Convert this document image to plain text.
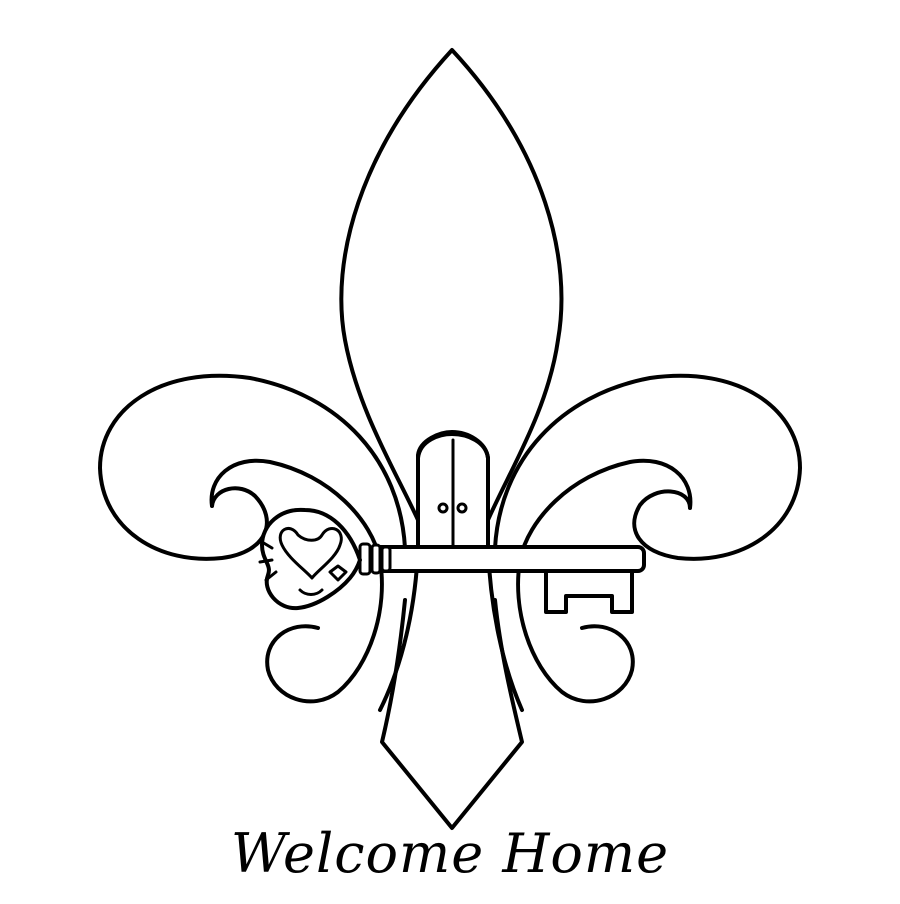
Welcome Home
